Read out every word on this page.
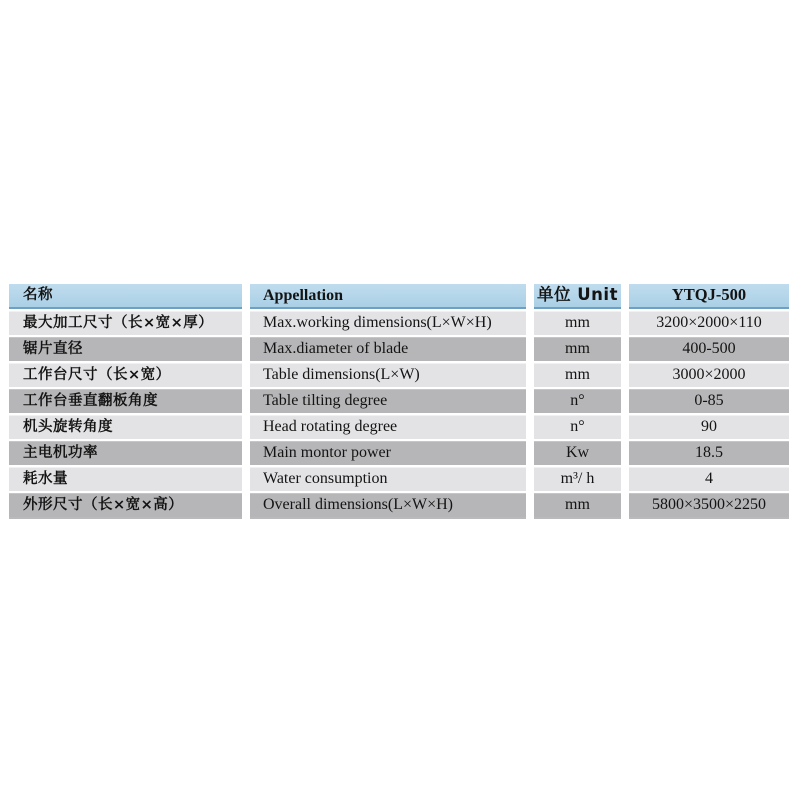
名称	Appellation	单位 Unit	YTQJ-500
最大加工尺寸（长×宽×厚）	Max.working dimensions(L×W×H)	mm	3200×2000×110
锯片直径	Max.diameter of blade	mm	400-500
工作台尺寸（长×宽）	Table dimensions(L×W)	mm	3000×2000
工作台垂直翻板角度	Table tilting degree	n°	0-85
机头旋转角度	Head rotating degree	n°	90
主电机功率	Main montor power	Kw	18.5
耗水量	Water consumption	m³/ h	4
外形尺寸（长×宽×高）	Overall dimensions(L×W×H)	mm	5800×3500×2250
